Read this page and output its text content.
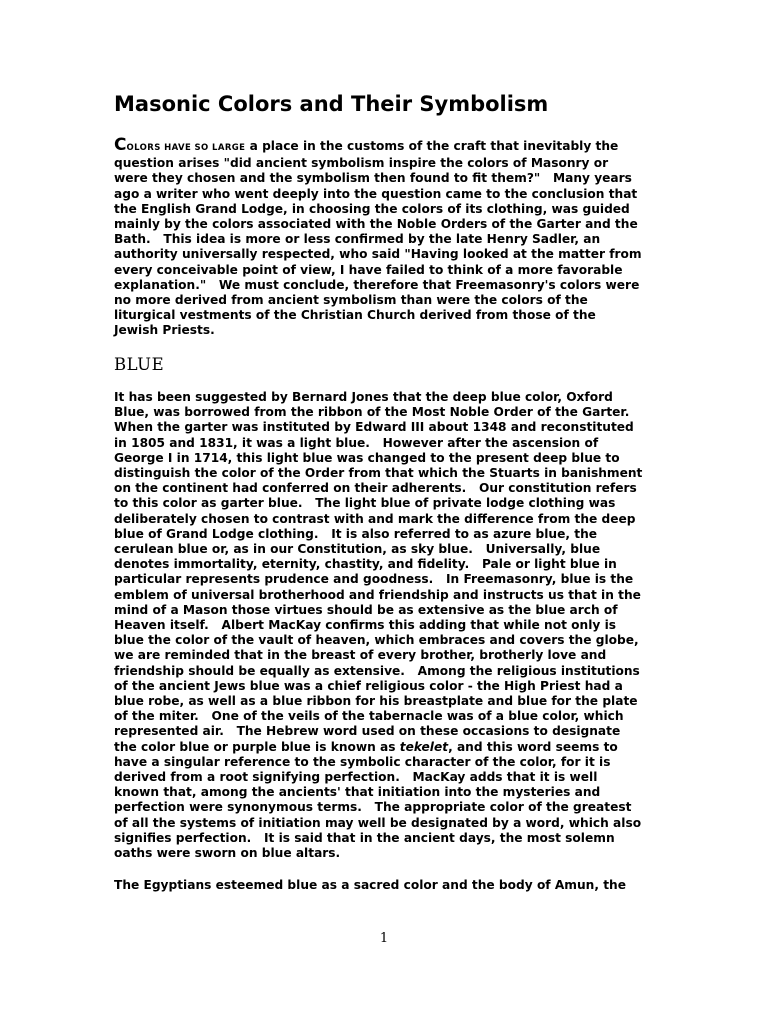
Masonic Colors and Their Symbolism
COLORS HAVE SO LARGE a place in the customs of the craft that inevitably the
question arises "did ancient symbolism inspire the colors of Masonry or
were they chosen and the symbolism then found to fit them?"   Many years
ago a writer who went deeply into the question came to the conclusion that
the English Grand Lodge, in choosing the colors of its clothing, was guided
mainly by the colors associated with the Noble Orders of the Garter and the
Bath.   This idea is more or less confirmed by the late Henry Sadler, an
authority universally respected, who said "Having looked at the matter from
every conceivable point of view, I have failed to think of a more favorable
explanation."   We must conclude, therefore that Freemasonry's colors were
no more derived from ancient symbolism than were the colors of the
liturgical vestments of the Christian Church derived from those of the
Jewish Priests.
BLUE
It has been suggested by Bernard Jones that the deep blue color, Oxford
Blue, was borrowed from the ribbon of the Most Noble Order of the Garter.
When the garter was instituted by Edward III about 1348 and reconstituted
in 1805 and 1831, it was a light blue.   However after the ascension of
George I in 1714, this light blue was changed to the present deep blue to
distinguish the color of the Order from that which the Stuarts in banishment
on the continent had conferred on their adherents.   Our constitution refers
to this color as garter blue.   The light blue of private lodge clothing was
deliberately chosen to contrast with and mark the difference from the deep
blue of Grand Lodge clothing.   It is also referred to as azure blue, the
cerulean blue or, as in our Constitution, as sky blue.   Universally, blue
denotes immortality, eternity, chastity, and fidelity.   Pale or light blue in
particular represents prudence and goodness.   In Freemasonry, blue is the
emblem of universal brotherhood and friendship and instructs us that in the
mind of a Mason those virtues should be as extensive as the blue arch of
Heaven itself.   Albert MacKay confirms this adding that while not only is
blue the color of the vault of heaven, which embraces and covers the globe,
we are reminded that in the breast of every brother, brotherly love and
friendship should be equally as extensive.   Among the religious institutions
of the ancient Jews blue was a chief religious color - the High Priest had a
blue robe, as well as a blue ribbon for his breastplate and blue for the plate
of the miter.   One of the veils of the tabernacle was of a blue color, which
represented air.   The Hebrew word used on these occasions to designate
the color blue or purple blue is known as tekelet, and this word seems to
have a singular reference to the symbolic character of the color, for it is
derived from a root signifying perfection.   MacKay adds that it is well
known that, among the ancients' that initiation into the mysteries and
perfection were synonymous terms.   The appropriate color of the greatest
of all the systems of initiation may well be designated by a word, which also
signifies perfection.   It is said that in the ancient days, the most solemn
oaths were sworn on blue altars.
The Egyptians esteemed blue as a sacred color and the body of Amun, the
1
